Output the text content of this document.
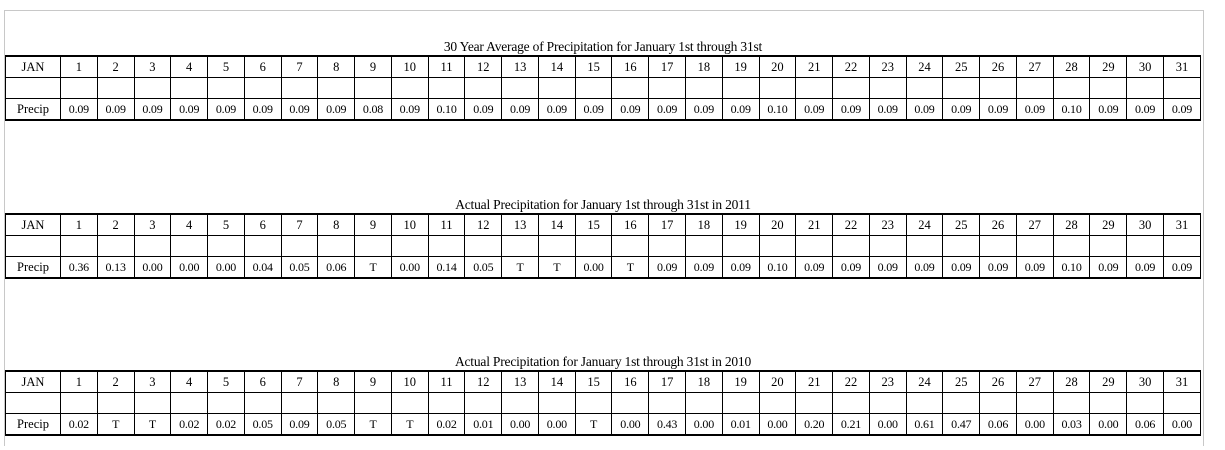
30 Year Average of Precipitation for January 1st through 31st
JAN	1	2	3	4	5	6	7	8	9	10	11	12	13	14	15	16	17	18	19	20	21	22	23	24	25	26	27	28	29	30	31

Precip	0.09	0.09	0.09	0.09	0.09	0.09	0.09	0.09	0.08	0.09	0.10	0.09	0.09	0.09	0.09	0.09	0.09	0.09	0.09	0.10	0.09	0.09	0.09	0.09	0.09	0.09	0.09	0.10	0.09	0.09	0.09
Actual Precipitation for January 1st through 31st in 2011
JAN	1	2	3	4	5	6	7	8	9	10	11	12	13	14	15	16	17	18	19	20	21	22	23	24	25	26	27	28	29	30	31

Precip	0.36	0.13	0.00	0.00	0.00	0.04	0.05	0.06	T	0.00	0.14	0.05	T	T	0.00	T	0.09	0.09	0.09	0.10	0.09	0.09	0.09	0.09	0.09	0.09	0.09	0.10	0.09	0.09	0.09
Actual Precipitation for January 1st through 31st in 2010
JAN	1	2	3	4	5	6	7	8	9	10	11	12	13	14	15	16	17	18	19	20	21	22	23	24	25	26	27	28	29	30	31

Precip	0.02	T	T	0.02	0.02	0.05	0.09	0.05	T	T	0.02	0.01	0.00	0.00	T	0.00	0.43	0.00	0.01	0.00	0.20	0.21	0.00	0.61	0.47	0.06	0.00	0.03	0.00	0.06	0.00
